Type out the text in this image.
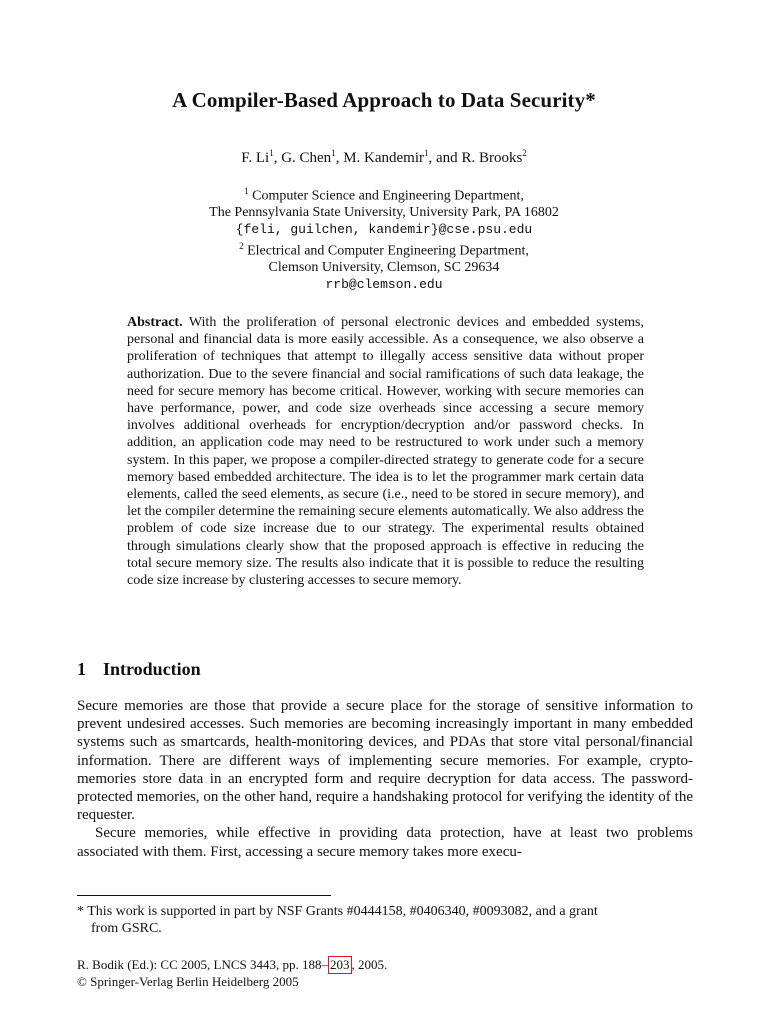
A Compiler-Based Approach to Data Security*
F. Li$^1$, G. Chen$^1$, M. Kandemir$^1$, and R. Brooks$^2$
$^1$ Computer Science and Engineering Department,
The Pennsylvania State University, University Park, PA 16802
{feli, guilchen, kandemir}@cse.psu.edu
$^2$ Electrical and Computer Engineering Department,
Clemson University, Clemson, SC 29634
rrb@clemson.edu
Abstract. With the proliferation of personal electronic devices and embedded systems, personal and financial data is more easily accessible. As a consequence, we also observe a proliferation of techniques that attempt to illegally access sensitive data without proper authorization. Due to the severe financial and social ramifications of such data leakage, the need for secure memory has become critical. However, working with secure memories can have performance, power, and code size overheads since accessing a secure memory involves additional overheads for encryption/decryption and/or password checks. In addition, an application code may need to be restructured to work under such a memory system. In this paper, we propose a compiler-directed strategy to generate code for a secure memory based embedded architecture. The idea is to let the programmer mark certain data elements, called the seed elements, as secure (i.e., need to be stored in secure memory), and let the compiler determine the remaining secure elements automatically. We also address the problem of code size increase due to our strategy. The experimental results obtained through simulations clearly show that the proposed approach is effective in reducing the total secure memory size. The results also indicate that it is possible to reduce the resulting code size increase by clustering accesses to secure memory.
1 Introduction

Secure memories are those that provide a secure place for the storage of sensitive information to prevent undesired accesses. Such memories are becoming increasingly important in many embedded systems such as smartcards, health-monitoring devices, and PDAs that store vital personal/financial information. There are different ways of implementing secure memories. For example, crypto-memories store data in an encrypted form and require decryption for data access. The password-protected memories, on the other hand, require a handshaking protocol for verifying the identity of the requester.

Secure memories, while effective in providing data protection, have at least two problems associated with them. First, accessing a secure memory takes more execu-

* This work is supported in part by NSF Grants #0444158, #0406340, #0093082, and a grant
from GSRC.
R. Bodik (Ed.): CC 2005, LNCS 3443, pp. 188– 203 , 2005.
© Springer-Verlag Berlin Heidelberg 2005
